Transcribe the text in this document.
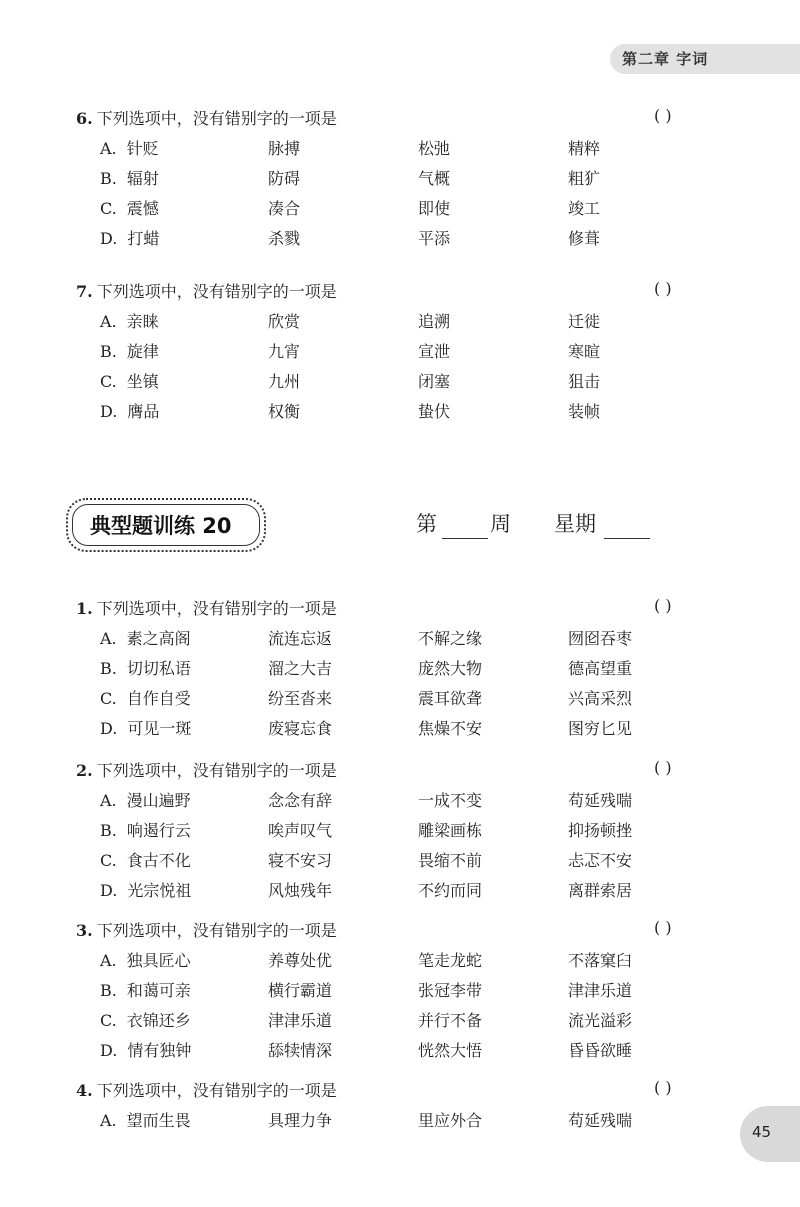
第二章 字词
6. 下列选项中，没有错别字的一项是	( )
A. 针贬	脉搏	松弛	精粹
B. 辐射	防碍	气概	粗犷
C. 震憾	凑合	即使	竣工
D. 打蜡	杀戮	平添	修葺
7. 下列选项中，没有错别字的一项是	( )
A. 亲睐	欣赏	追溯	迁徙
B. 旋律	九宵	宣泄	寒暄
C. 坐镇	九州	闭塞	狙击
D. 膺品	权衡	蛰伏	装帧
典型题训练 20	第	周 星期
1. 下列选项中，没有错别字的一项是	( )
A. 素之高阁	流连忘返	不解之缘	囫囵吞枣
B. 切切私语	溜之大吉	庞然大物	德高望重
C. 自作自受	纷至沓来	震耳欲聋	兴高采烈
D. 可见一斑	废寝忘食	焦燥不安	图穷匕见
2. 下列选项中，没有错别字的一项是	( )
A. 漫山遍野	念念有辞	一成不变	苟延残喘
B. 响遏行云	唉声叹气	雕梁画栋	抑扬顿挫
C. 食古不化	寝不安习	畏缩不前	忐忑不安
D. 光宗悦祖	风烛残年	不约而同	离群索居
3. 下列选项中，没有错别字的一项是	( )
A. 独具匠心	养尊处优	笔走龙蛇	不落窠臼
B. 和蔼可亲	横行霸道	张冠李带	津津乐道
C. 衣锦还乡	津津乐道	并行不备	流光溢彩
D. 情有独钟	舔犊情深	恍然大悟	昏昏欲睡
4. 下列选项中，没有错别字的一项是	( )
A. 望而生畏	具理力争	里应外合	苟延残喘
45
